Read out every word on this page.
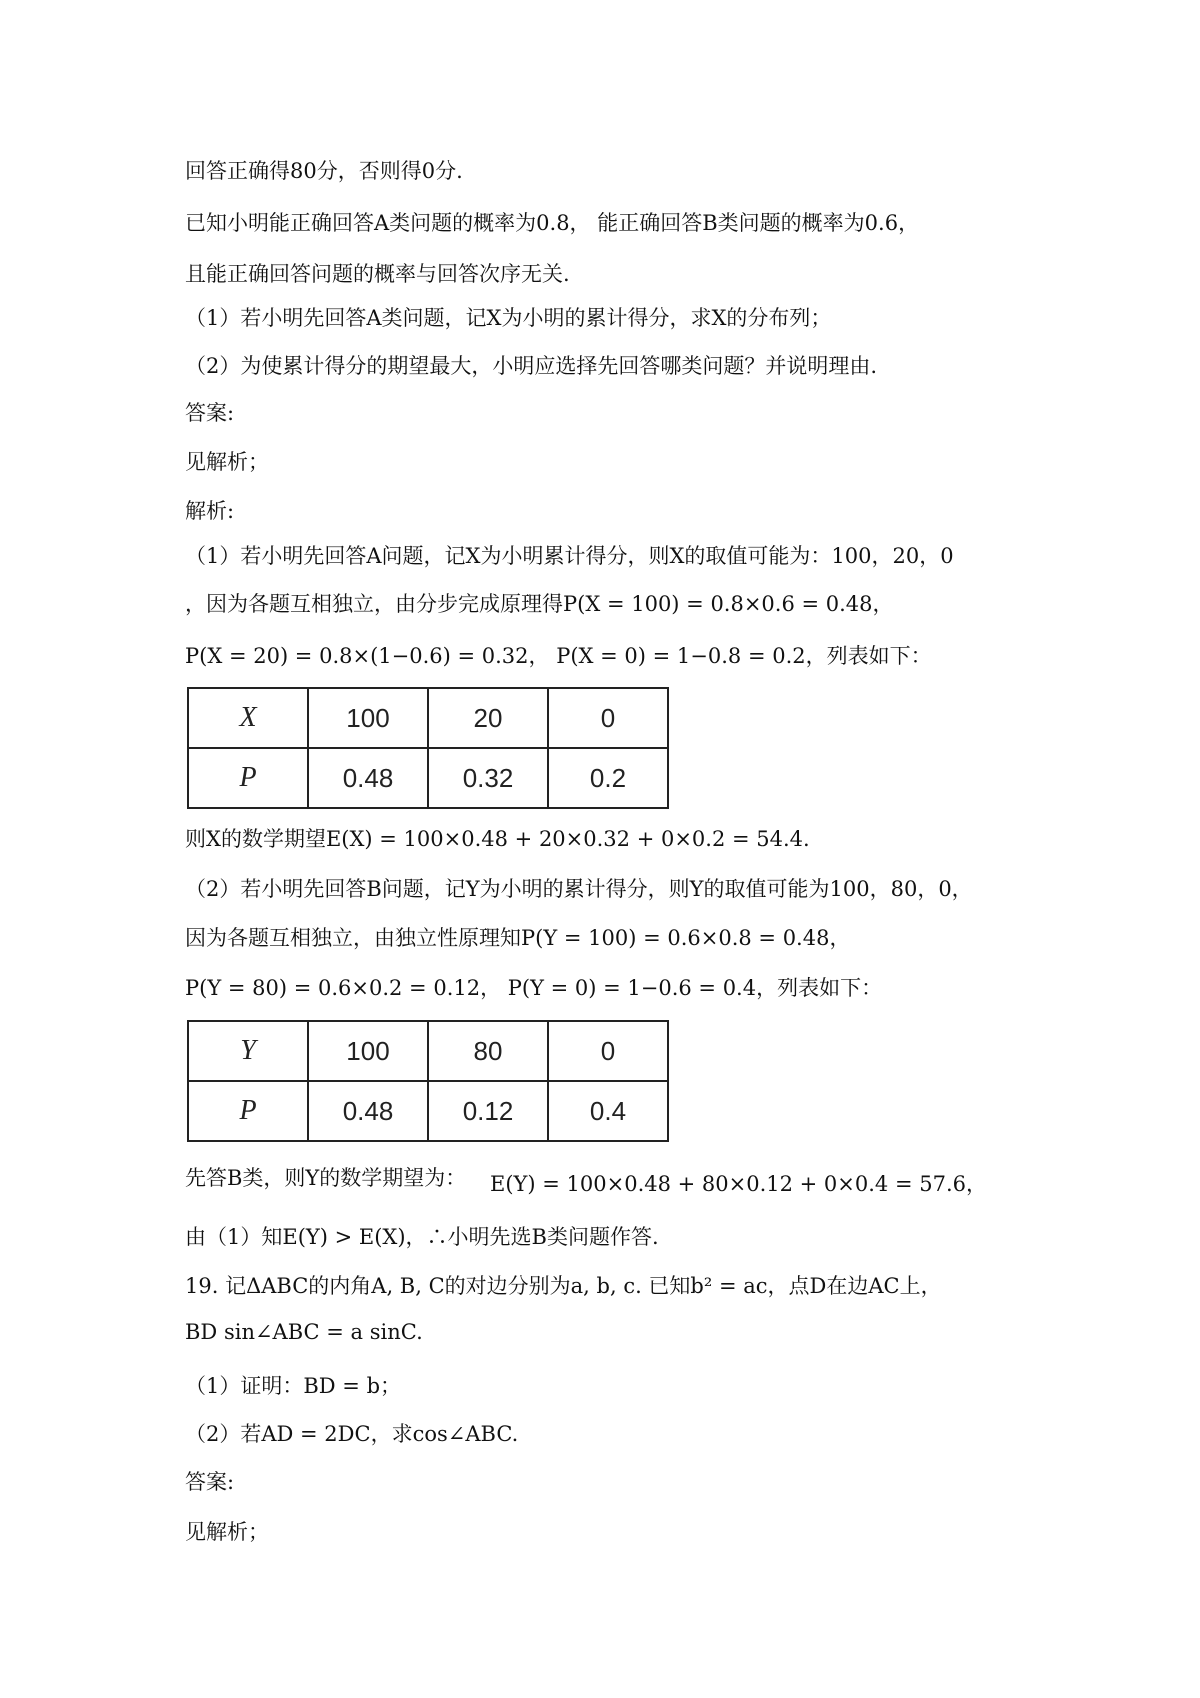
回答正确得80分，否则得0分.
已知小明能正确回答A类问题的概率为0.8， 能正确回答B类问题的概率为0.6，
且能正确回答问题的概率与回答次序无关.
（1）若小明先回答A类问题，记X为小明的累计得分，求X的分布列；
（2）为使累计得分的期望最大，小明应选择先回答哪类问题？并说明理由.
答案:
见解析；
解析:
（1）若小明先回答A问题，记X为小明累计得分，则X的取值可能为：100，20，0
，因为各题互相独立，由分步完成原理得P(X = 100) = 0.8×0.6 = 0.48，
P(X = 20) = 0.8×(1−0.6) = 0.32， P(X = 0) = 1−0.8 = 0.2，列表如下：
X	100	20	0
P	0.48	0.32	0.2
则X的数学期望E(X) = 100×0.48 + 20×0.32 + 0×0.2 = 54.4.
（2）若小明先回答B问题，记Y为小明的累计得分，则Y的取值可能为100，80，0，
因为各题互相独立，由独立性原理知P(Y = 100) = 0.6×0.8 = 0.48，
P(Y = 80) = 0.6×0.2 = 0.12， P(Y = 0) = 1−0.6 = 0.4，列表如下：
Y	100	80	0
P	0.48	0.12	0.4
先答B类，则Y的数学期望为： E(Y) = 100×0.48 + 80×0.12 + 0×0.4 = 57.6，
由（1）知E(Y) > E(X)，∴小明先选B类问题作答.
19. 记ΔABC的内角A, B, C的对边分别为a, b, c. 已知b² = ac，点D在边AC上，
BD sin∠ABC = a sinC.
（1）证明：BD = b；
（2）若AD = 2DC，求cos∠ABC.
答案:
见解析；
